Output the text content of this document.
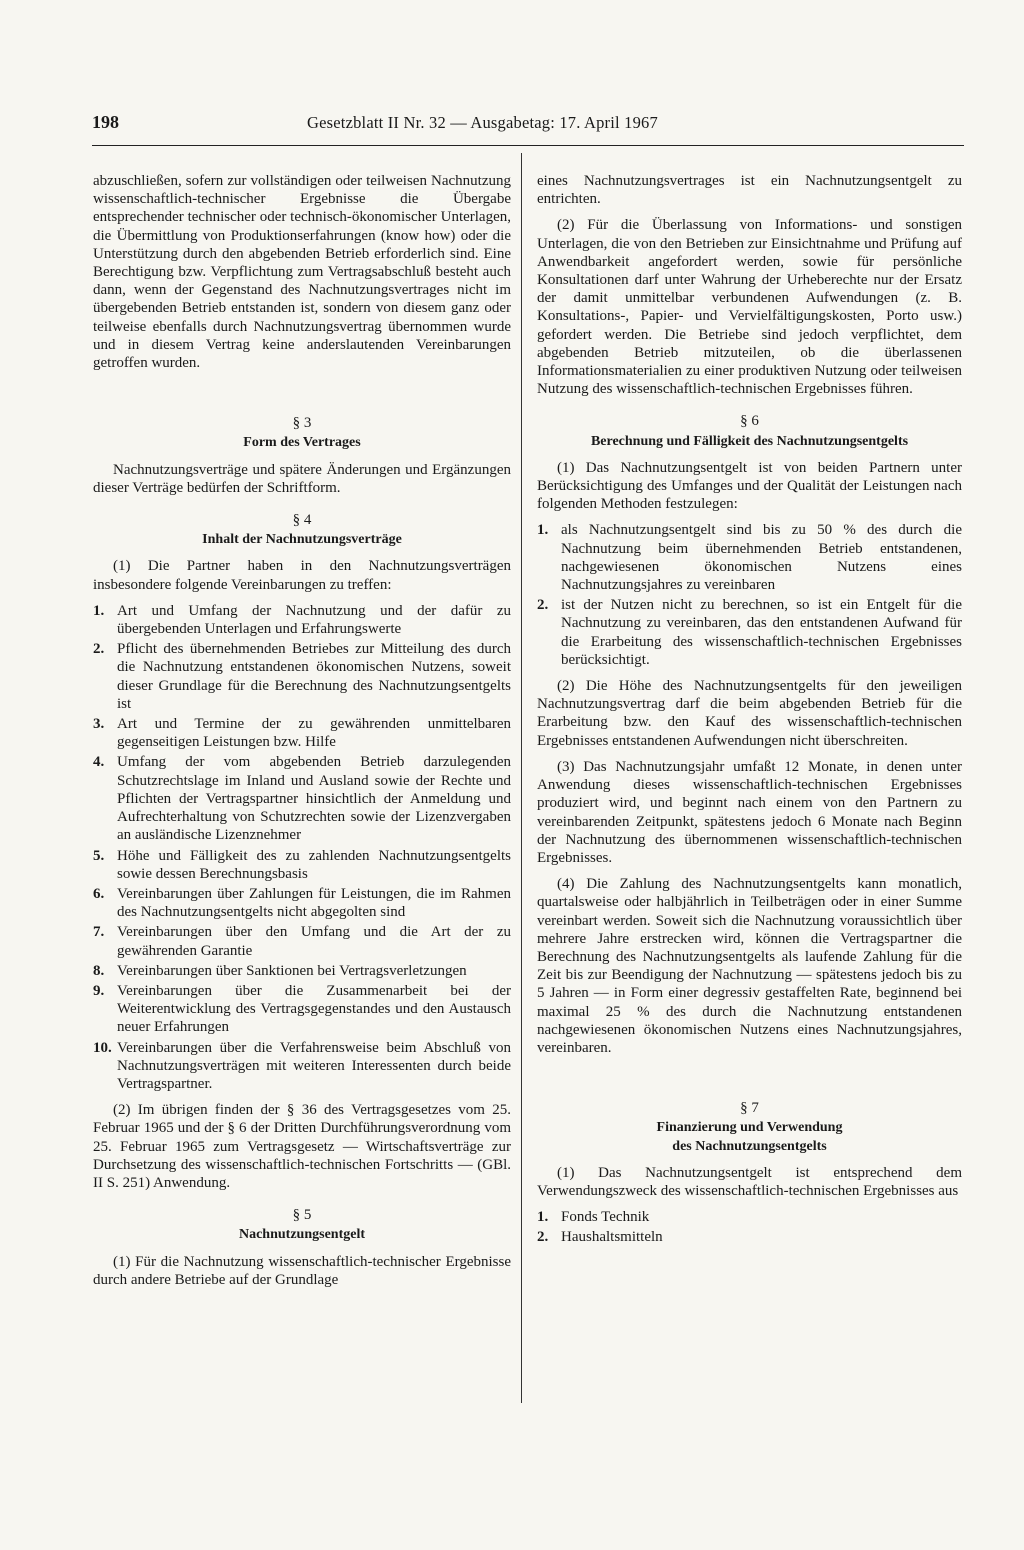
198	Gesetzblatt II Nr. 32 — Ausgabetag: 17. April 1967

abzuschließen, sofern zur vollständigen oder teilweisen Nachnutzung wissenschaftlich-technischer Ergebnisse die Übergabe entsprechender technischer oder technisch-ökonomischer Unterlagen, die Übermittlung von Produktionserfahrungen (know how) oder die Unterstützung durch den abgebenden Betrieb erforderlich sind. Eine Berechtigung bzw. Verpflichtung zum Vertragsabschluß besteht auch dann, wenn der Gegenstand des Nachnutzungsvertrages nicht im übergebenden Betrieb entstanden ist, sondern von diesem ganz oder teilweise ebenfalls durch Nachnutzungsvertrag übernommen wurde und in diesem Vertrag keine anderslautenden Vereinbarungen getroffen wurden.

§ 3
Form des Vertrages

Nachnutzungsverträge und spätere Änderungen und Ergänzungen dieser Verträge bedürfen der Schriftform.

§ 4
Inhalt der Nachnutzungsverträge

(1) Die Partner haben in den Nachnutzungsverträgen insbesondere folgende Vereinbarungen zu treffen:

1. Art und Umfang der Nachnutzung und der dafür zu übergebenden Unterlagen und Erfahrungswerte
2. Pflicht des übernehmenden Betriebes zur Mitteilung des durch die Nachnutzung entstandenen ökonomischen Nutzens, soweit dieser Grundlage für die Berechnung des Nachnutzungsentgelts ist
3. Art und Termine der zu gewährenden unmittelbaren gegenseitigen Leistungen bzw. Hilfe
4. Umfang der vom abgebenden Betrieb darzulegenden Schutzrechtslage im Inland und Ausland sowie der Rechte und Pflichten der Vertragspartner hinsichtlich der Anmeldung und Aufrechterhaltung von Schutzrechten sowie der Lizenzvergaben an ausländische Lizenznehmer
5. Höhe und Fälligkeit des zu zahlenden Nachnutzungsentgelts sowie dessen Berechnungsbasis
6. Vereinbarungen über Zahlungen für Leistungen, die im Rahmen des Nachnutzungsentgelts nicht abgegolten sind
7. Vereinbarungen über den Umfang und die Art der zu gewährenden Garantie
8. Vereinbarungen über Sanktionen bei Vertragsverletzungen
9. Vereinbarungen über die Zusammenarbeit bei der Weiterentwicklung des Vertragsgegenstandes und den Austausch neuer Erfahrungen
10. Vereinbarungen über die Verfahrensweise beim Abschluß von Nachnutzungsverträgen mit weiteren Interessenten durch beide Vertragspartner.

(2) Im übrigen finden der § 36 des Vertragsgesetzes vom 25. Februar 1965 und der § 6 der Dritten Durchführungsverordnung vom 25. Februar 1965 zum Vertragsgesetz — Wirtschaftsverträge zur Durchsetzung des wissenschaftlich-technischen Fortschritts — (GBl. II S. 251) Anwendung.

§ 5
Nachnutzungsentgelt

(1) Für die Nachnutzung wissenschaftlich-technischer Ergebnisse durch andere Betriebe auf der Grundlage

eines Nachnutzungsvertrages ist ein Nachnutzungsentgelt zu entrichten.

(2) Für die Überlassung von Informations- und sonstigen Unterlagen, die von den Betrieben zur Einsichtnahme und Prüfung auf Anwendbarkeit angefordert werden, sowie für persönliche Konsultationen darf unter Wahrung der Urheberechte nur der Ersatz der damit unmittelbar verbundenen Aufwendungen (z. B. Konsultations-, Papier- und Vervielfältigungskosten, Porto usw.) gefordert werden. Die Betriebe sind jedoch verpflichtet, dem abgebenden Betrieb mitzuteilen, ob die überlassenen Informationsmaterialien zu einer produktiven Nutzung oder teilweisen Nutzung des wissenschaftlich-technischen Ergebnisses führen.

§ 6
Berechnung und Fälligkeit des Nachnutzungsentgelts

(1) Das Nachnutzungsentgelt ist von beiden Partnern unter Berücksichtigung des Umfanges und der Qualität der Leistungen nach folgenden Methoden festzulegen:

1. als Nachnutzungsentgelt sind bis zu 50 % des durch die Nachnutzung beim übernehmenden Betrieb entstandenen, nachgewiesenen ökonomischen Nutzens eines Nachnutzungsjahres zu vereinbaren
2. ist der Nutzen nicht zu berechnen, so ist ein Entgelt für die Nachnutzung zu vereinbaren, das den entstandenen Aufwand für die Erarbeitung des wissenschaftlich-technischen Ergebnisses berücksichtigt.

(2) Die Höhe des Nachnutzungsentgelts für den jeweiligen Nachnutzungsvertrag darf die beim abgebenden Betrieb für die Erarbeitung bzw. den Kauf des wissenschaftlich-technischen Ergebnisses entstandenen Aufwendungen nicht überschreiten.

(3) Das Nachnutzungsjahr umfaßt 12 Monate, in denen unter Anwendung dieses wissenschaftlich-technischen Ergebnisses produziert wird, und beginnt nach einem von den Partnern zu vereinbarenden Zeitpunkt, spätestens jedoch 6 Monate nach Beginn der Nachnutzung des übernommenen wissenschaftlich-technischen Ergebnisses.

(4) Die Zahlung des Nachnutzungsentgelts kann monatlich, quartalsweise oder halbjährlich in Teilbeträgen oder in einer Summe vereinbart werden. Soweit sich die Nachnutzung voraussichtlich über mehrere Jahre erstrecken wird, können die Vertragspartner die Berechnung des Nachnutzungsentgelts als laufende Zahlung für die Zeit bis zur Beendigung der Nachnutzung — spätestens jedoch bis zu 5 Jahren — in Form einer degressiv gestaffelten Rate, beginnend bei maximal 25 % des durch die Nachnutzung entstandenen nachgewiesenen ökonomischen Nutzens eines Nachnutzungsjahres, vereinbaren.

§ 7
Finanzierung und Verwendung
des Nachnutzungsentgelts

(1) Das Nachnutzungsentgelt ist entsprechend dem Verwendungszweck des wissenschaftlich-technischen Ergebnisses aus

1. Fonds Technik
2. Haushaltsmitteln
